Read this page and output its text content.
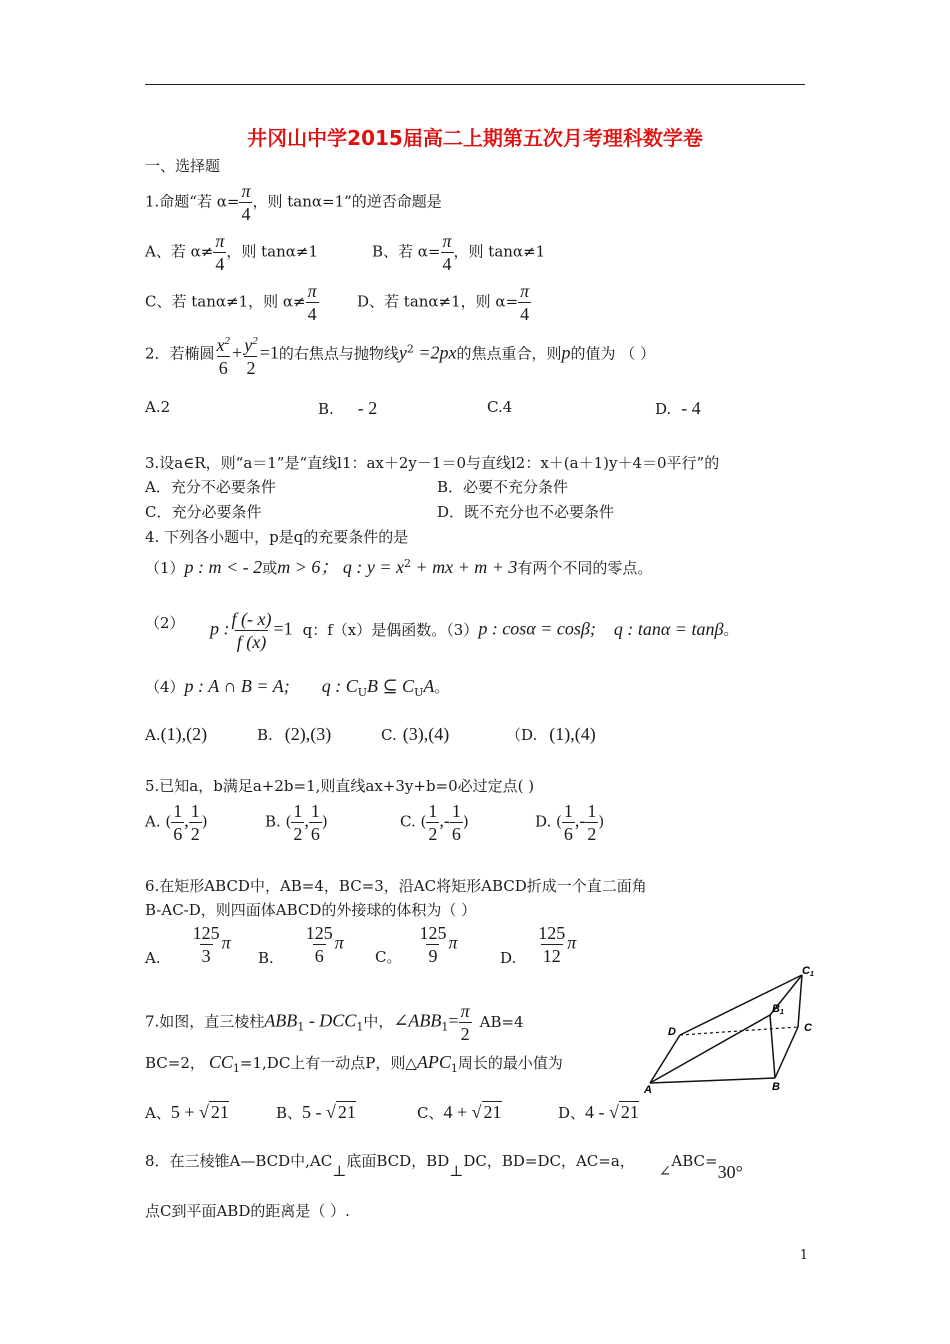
井冈山中学2015届高二上期第五次月考理科数学卷
一、选择题
1.命题“若 $\alpha= \frac{\pi}{4}$ ，则 tanα=1”的逆否命题是
A、若 $\alpha\ne \frac{\pi}{4}$ ，则 tanα≠1	B、若 $\alpha= \frac{\pi}{4}$ ，则 tanα≠1
C、若 tanα≠1，则 $\alpha\ne \frac{\pi}{4}$	D、若 tanα≠1，则 $\alpha= \frac{\pi}{4}$
2．若椭圆 $\frac{x^2}{6} + \frac{y^2}{2} =1$的右焦点与抛物线$y^2 =2px$的焦点重合，则p的值为 （ ）
A.2	B. - 2	C.4	D. - 4
3.设a∈R，则“a＝1”是“直线l1：ax＋2y－1＝0与直线l2：x＋(a＋1)y＋4＝0平行”的
A．充分不必要条件	B．必要不充分条件
C．充分必要条件	D．既不充分也不必要条件
4. 下列各小题中，p是q的充要条件的是
（1）p : m < - 2或m > 6； q : $y = x^2$ + mx + m + 3有两个不同的零点。
（2） p : $\frac{f (- x)}{f (x)} =1$ q：f（x）是偶函数。（3）p : cosα = cosβ; q : tanα = tanβ。
（4）p : A ∩ B = A; q : $C_UB$ ⊆ $C_UA$。
A.(1),(2)	B. (2),(3)	C. (3),(4)	（D. (1),(4)
5.已知a，b满足a+2b=1,则直线ax+3y+b=0必过定点( )
A. ( $\frac{1}{6}$ , $\frac{1}{2}$ )	B. ( $\frac{1}{2}$ , $\frac{1}{6}$ )	C. ( $\frac{1}{2}$ ,- $\frac{1}{6}$ )	D. ( $\frac{1}{6}$ ,- $\frac{1}{2}$ )
6.在矩形ABCD中，AB=4，BC=3，沿AC将矩形ABCD折成一个直二面角
B-AC-D，则四面体ABCD的外接球的体积为（ ）
A. $\frac{125}{3}$ π
B. $\frac{125}{6}$ π
C。 $\frac{125}{9}$ π
D. $\frac{125}{12}$ π
7.如图，直三棱柱$ABB_1 - DCC_1$中，$\angle ABB_1= \frac{\pi}{2} AB=4$
BC=2， $CC_1=1,DC$上有一动点P，则$\triangle APC_1$周长的最小值为
A、5 + √ 21	B、5 - √ 21	C、4 + √ 21	D、4 - √ 21
C1
B1
D	C
A	B
8．在三棱锥A—BCD中,AC⊥底面BCD，BD⊥DC，BD=DC，AC=a，∠ABC=30°
点C到平面ABD的距离是（ ）.
1
